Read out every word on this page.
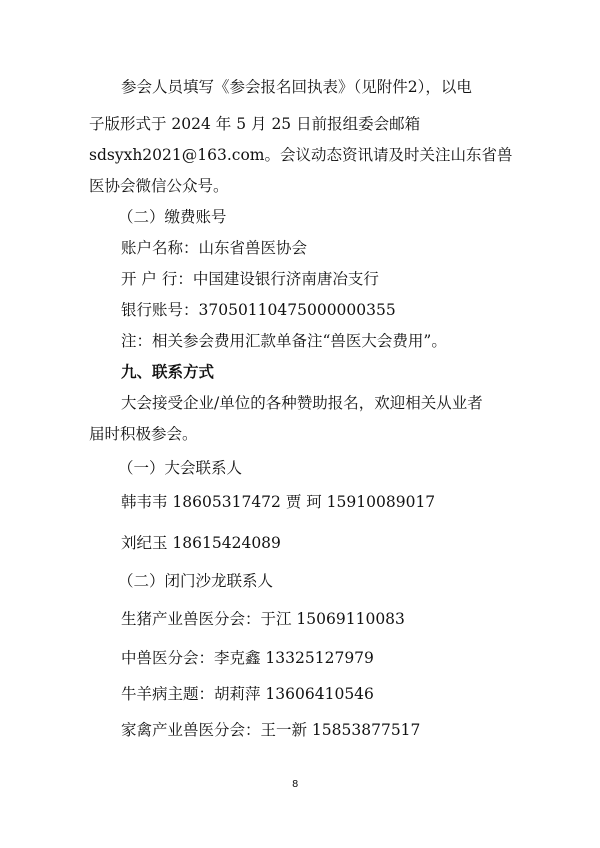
参会人员填写《参会报名回执表》（见附件2），以电
子版形式于 2024 年 5 月 25 日前报组委会邮箱
sdsyxh2021@163.com。会议动态资讯请及时关注山东省兽
医协会微信公众号。
（二）缴费账号
账户名称：山东省兽医协会
开 户 行：中国建设银行济南唐冶支行
银行账号：37050110475000000355
注：相关参会费用汇款单备注“兽医大会费用”。
九、联系方式
大会接受企业/单位的各种赞助报名，欢迎相关从业者
届时积极参会。
（一）大会联系人
韩韦韦 18605317472 贾 珂 15910089017
刘纪玉 18615424089
（二）闭门沙龙联系人
生猪产业兽医分会：于江 15069110083
中兽医分会：李克鑫 13325127979
牛羊病主题：胡莉萍 13606410546
家禽产业兽医分会：王一新 15853877517
8
